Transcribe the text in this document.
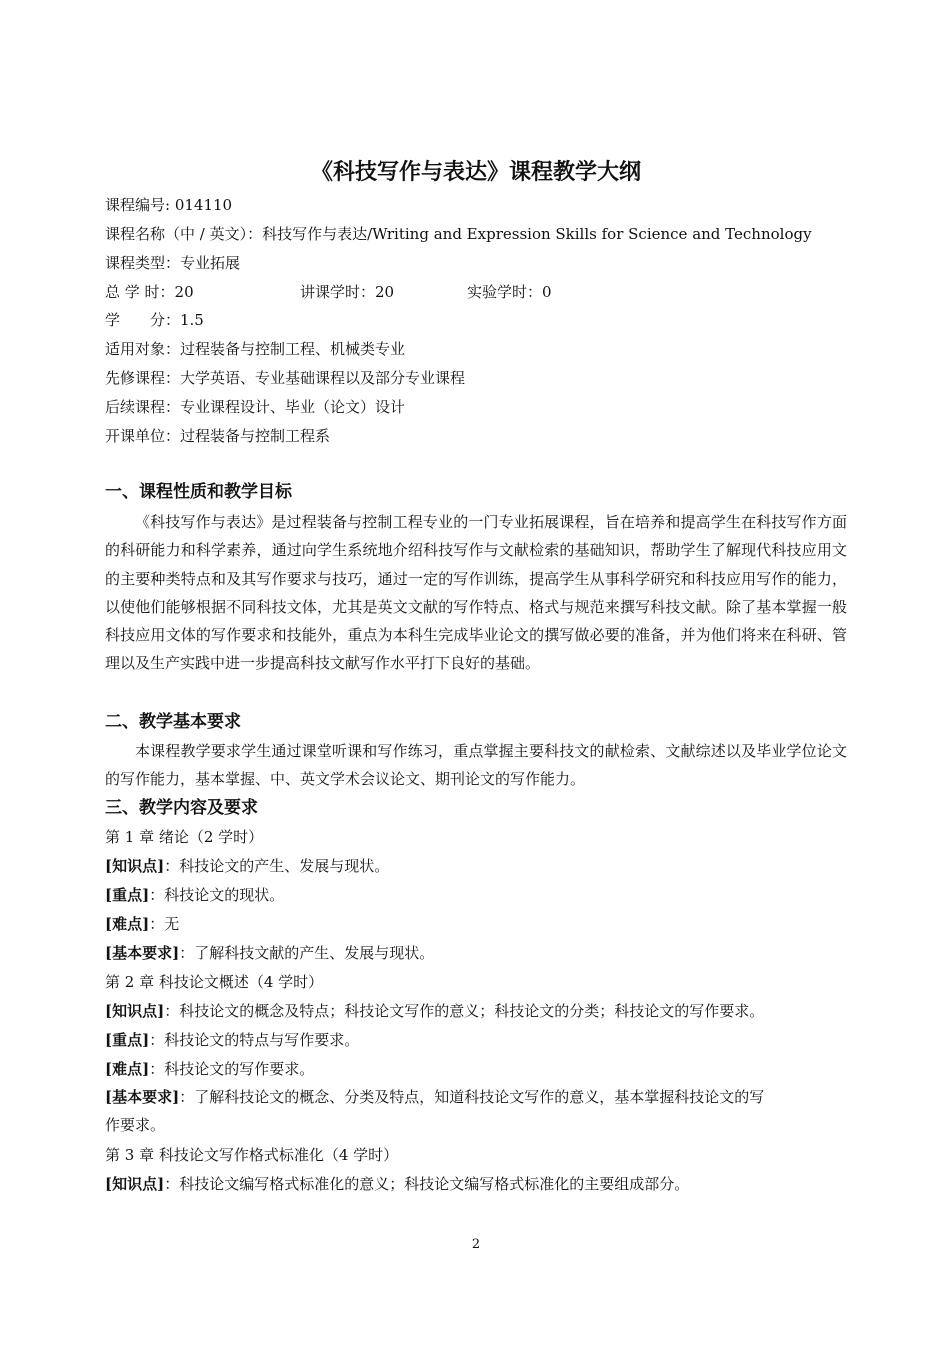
《科技写作与表达》课程教学大纲
课程编号: 014110
课程名称（中 / 英文）：科技写作与表达/Writing and Expression Skills for Science and Technology
课程类型：专业拓展
总 学 时：20	讲课学时：20	实验学时：0
学　　分：1.5
适用对象：过程装备与控制工程、机械类专业
先修课程：大学英语、专业基础课程以及部分专业课程
后续课程：专业课程设计、毕业（论文）设计
开课单位：过程装备与控制工程系
一、课程性质和教学目标

《科技写作与表达》是过程装备与控制工程专业的一门专业拓展课程，旨在培养和提高学生在科技写作方面的科研能力和科学素养，通过向学生系统地介绍科技写作与文献检索的基础知识，帮助学生了解现代科技应用文的主要种类特点和及其写作要求与技巧，通过一定的写作训练，提高学生从事科学研究和科技应用写作的能力，以使他们能够根据不同科技文体，尤其是英文文献的写作特点、格式与规范来撰写科技文献。除了基本掌握一般科技应用文体的写作要求和技能外，重点为本科生完成毕业论文的撰写做必要的准备，并为他们将来在科研、管理以及生产实践中进一步提高科技文献写作水平打下良好的基础。

二、教学基本要求

本课程教学要求学生通过课堂听课和写作练习，重点掌握主要科技文的献检索、文献综述以及毕业学位论文的写作能力，基本掌握、中、英文学术会议论文、期刊论文的写作能力。

三、教学内容及要求
第 1 章 绪论（2 学时）
[知识点]：科技论文的产生、发展与现状。
[重点]：科技论文的现状。
[难点]：无
[基本要求]：了解科技文献的产生、发展与现状。
第 2 章 科技论文概述（4 学时）
[知识点]：科技论文的概念及特点；科技论文写作的意义；科技论文的分类；科技论文的写作要求。
[重点]：科技论文的特点与写作要求。
[难点]：科技论文的写作要求。
[基本要求]：了解科技论文的概念、分类及特点，知道科技论文写作的意义，基本掌握科技论文的写
作要求。
第 3 章 科技论文写作格式标准化（4 学时）
[知识点]：科技论文编写格式标准化的意义；科技论文编写格式标准化的主要组成部分。
2
